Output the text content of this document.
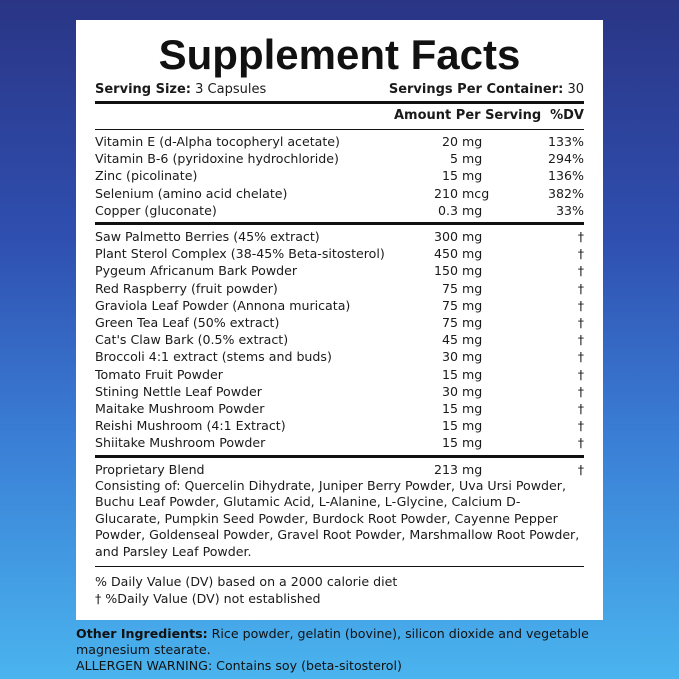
Supplement Facts
Serving Size: 3 Capsules	Servings Per Container: 30
Amount Per Serving %DV
Vitamin E (d-Alpha tocopheryl acetate)	20 mg	133%
Vitamin B-6 (pyridoxine hydrochloride)	5 mg	294%
Zinc (picolinate)	15 mg	136%
Selenium (amino acid chelate)	210 mcg	382%
Copper (gluconate)	0.3 mg	33%
Saw Palmetto Berries (45% extract)	300 mg	†
Plant Sterol Complex (38-45% Beta-sitosterol)	450 mg	†
Pygeum Africanum Bark Powder	150 mg	†
Red Raspberry (fruit powder)	75 mg	†
Graviola Leaf Powder (Annona muricata)	75 mg	†
Green Tea Leaf (50% extract)	75 mg	†
Cat's Claw Bark (0.5% extract)	45 mg	†
Broccoli 4:1 extract (stems and buds)	30 mg	†
Tomato Fruit Powder	15 mg	†
Stining Nettle Leaf Powder	30 mg	†
Maitake Mushroom Powder	15 mg	†
Reishi Mushroom (4:1 Extract)	15 mg	†
Shiitake Mushroom Powder	15 mg	†
Proprietary Blend	213 mg	†
Consisting of: Quercelin Dihydrate, Juniper Berry Powder, Uva Ursi Powder, Buchu Leaf Powder, Glutamic Acid, L-Alanine, L-Glycine, Calcium D-Glucarate, Pumpkin Seed Powder, Burdock Root Powder, Cayenne Pepper Powder, Goldenseal Powder, Gravel Root Powder, Marshmallow Root Powder, and Parsley Leaf Powder.
% Daily Value (DV) based on a 2000 calorie diet
† %Daily Value (DV) not established
Other Ingredients: Rice powder, gelatin (bovine), silicon dioxide and vegetable magnesium stearate.
ALLERGEN WARNING: Contains soy (beta-sitosterol)
